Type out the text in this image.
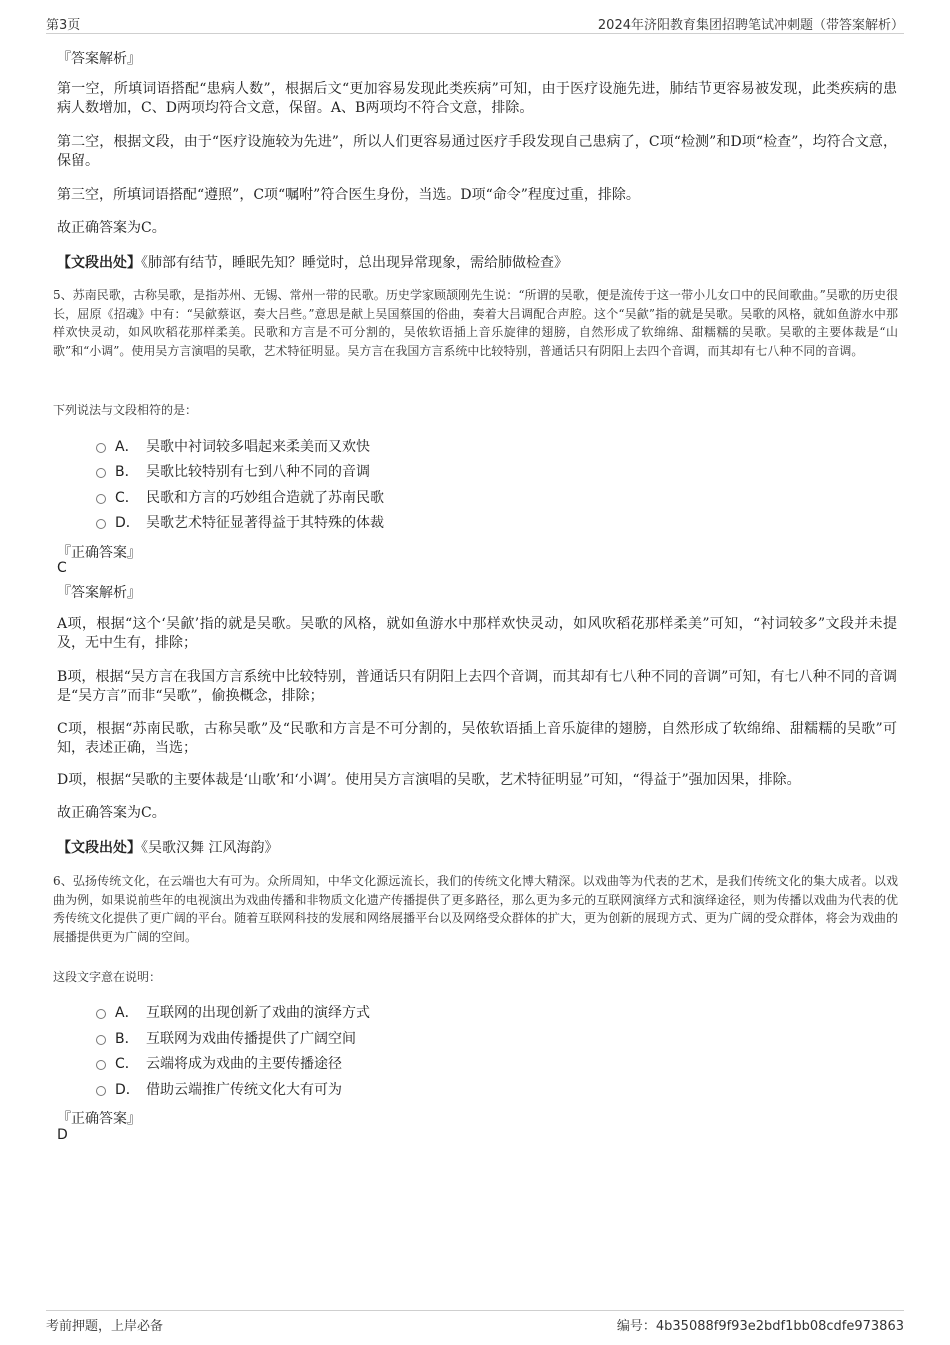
第3页	2024年济阳教育集团招聘笔试冲刺题（带答案解析）
『答案解析』
第一空，所填词语搭配“患病人数”，根据后文“更加容易发现此类疾病”可知，由于医疗设施先进，肺结节更容易被发现，此类疾病的患病人数增加，C、D两项均符合文意，保留。A、B两项均不符合文意，排除。
第二空，根据文段，由于“医疗设施较为先进”，所以人们更容易通过医疗手段发现自己患病了，C项“检测”和D项“检查”，均符合文意，保留。
第三空，所填词语搭配“遵照”，C项“嘱咐”符合医生身份，当选。D项“命令”程度过重，排除。
故正确答案为C。
【文段出处】《肺部有结节，睡眠先知？睡觉时，总出现异常现象，需给肺做检查》
5、苏南民歌，古称吴歌，是指苏州、无锡、常州一带的民歌。历史学家顾颉刚先生说：“所谓的吴歌，便是流传于这一带小儿女口中的民间歌曲。”吴歌的历史很长，屈原《招魂》中有：“吴歈蔡讴，奏大吕些。”意思是献上吴国蔡国的俗曲，奏着大吕调配合声腔。这个“吴歈”指的就是吴歌。吴歌的风格，就如鱼游水中那样欢快灵动，如风吹稻花那样柔美。民歌和方言是不可分割的，吴侬软语插上音乐旋律的翅膀，自然形成了软绵绵、甜糯糯的吴歌。吴歌的主要体裁是“山歌”和“小调”。使用吴方言演唱的吴歌，艺术特征明显。吴方言在我国方言系统中比较特别，普通话只有阴阳上去四个音调，而其却有七八种不同的音调。
下列说法与文段相符的是：
A． 吴歌中衬词较多唱起来柔美而又欢快
B． 吴歌比较特别有七到八种不同的音调
C． 民歌和方言的巧妙组合造就了苏南民歌
D． 吴歌艺术特征显著得益于其特殊的体裁
『正确答案』
C
『答案解析』
A项，根据“这个‘吴歈’指的就是吴歌。吴歌的风格，就如鱼游水中那样欢快灵动，如风吹稻花那样柔美”可知，“衬词较多”文段并未提及，无中生有，排除；
B项，根据“吴方言在我国方言系统中比较特别，普通话只有阴阳上去四个音调，而其却有七八种不同的音调”可知，有七八种不同的音调是“吴方言”而非“吴歌”，偷换概念，排除；
C项，根据“苏南民歌，古称吴歌”及“民歌和方言是不可分割的，吴侬软语插上音乐旋律的翅膀，自然形成了软绵绵、甜糯糯的吴歌”可知，表述正确，当选；
D项，根据“吴歌的主要体裁是‘山歌’和‘小调’。使用吴方言演唱的吴歌，艺术特征明显”可知，“得益于”强加因果，排除。
故正确答案为C。
【文段出处】《吴歌汉舞 江风海韵》
6、弘扬传统文化，在云端也大有可为。众所周知，中华文化源远流长，我们的传统文化博大精深。以戏曲等为代表的艺术，是我们传统文化的集大成者。以戏曲为例，如果说前些年的电视演出为戏曲传播和非物质文化遗产传播提供了更多路径，那么更为多元的互联网演绎方式和演绎途径，则为传播以戏曲为代表的优秀传统文化提供了更广阔的平台。随着互联网科技的发展和网络展播平台以及网络受众群体的扩大，更为创新的展现方式、更为广阔的受众群体，将会为戏曲的展播提供更为广阔的空间。
这段文字意在说明：
A． 互联网的出现创新了戏曲的演绎方式
B． 互联网为戏曲传播提供了广阔空间
C． 云端将成为戏曲的主要传播途径
D． 借助云端推广传统文化大有可为
『正确答案』
D
考前押题，上岸必备	编号：4b35088f9f93e2bdf1bb08cdfe973863
